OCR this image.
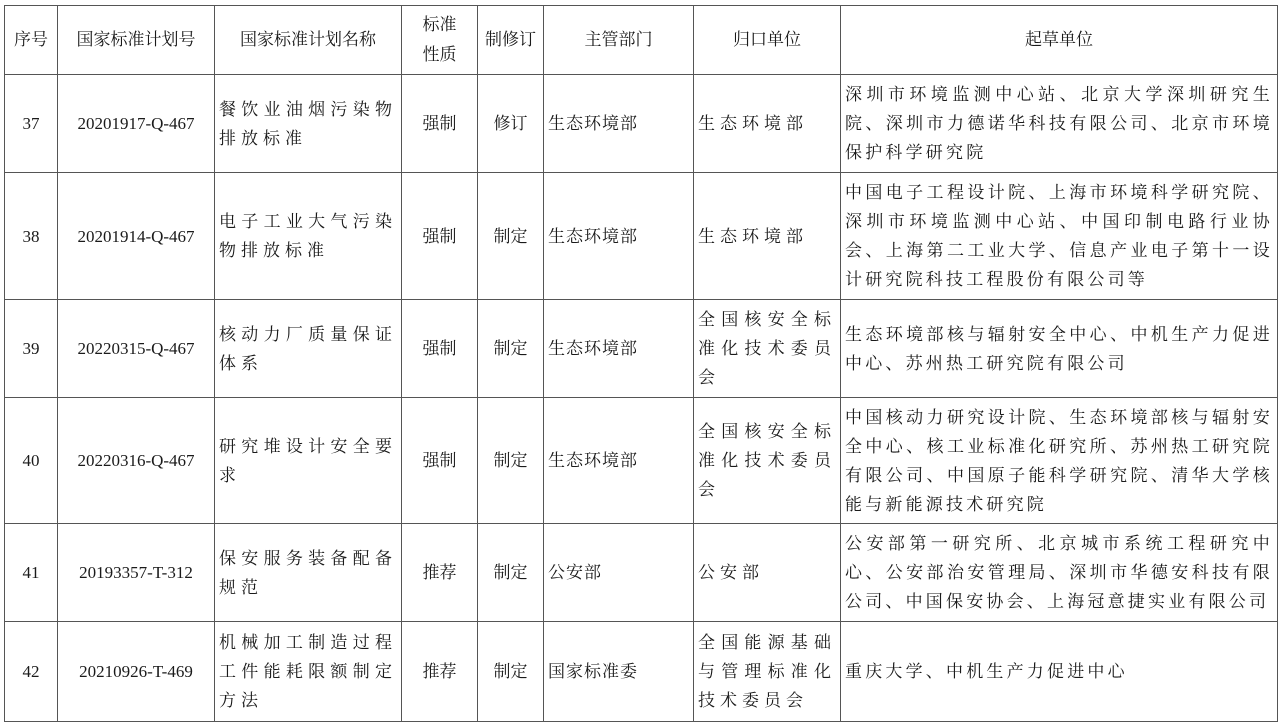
序号	国家标准计划号	国家标准计划名称	标准性质	制修订	主管部门	归口单位	起草单位
37	20201917-Q-467	餐饮业油烟污染物排放标准	强制	修订	生态环境部	生态环境部	深圳市环境监测中心站、北京大学深圳研究生院、深圳市力德诺华科技有限公司、北京市环境保护科学研究院
38	20201914-Q-467	电子工业大气污染物排放标准	强制	制定	生态环境部	生态环境部	中国电子工程设计院、上海市环境科学研究院、深圳市环境监测中心站、中国印制电路行业协会、上海第二工业大学、信息产业电子第十一设计研究院科技工程股份有限公司等
39	20220315-Q-467	核动力厂质量保证体系	强制	制定	生态环境部	全国核安全标准化技术委员会	生态环境部核与辐射安全中心、中机生产力促进中心、苏州热工研究院有限公司
40	20220316-Q-467	研究堆设计安全要求	强制	制定	生态环境部	全国核安全标准化技术委员会	中国核动力研究设计院、生态环境部核与辐射安全中心、核工业标准化研究所、苏州热工研究院有限公司、中国原子能科学研究院、清华大学核能与新能源技术研究院
41	20193357-T-312	保安服务装备配备规范	推荐	制定	公安部	公安部	公安部第一研究所、北京城市系统工程研究中心、公安部治安管理局、深圳市华德安科技有限公司、中国保安协会、上海冠意捷实业有限公司
42	20210926-T-469	机械加工制造过程工件能耗限额制定方法	推荐	制定	国家标准委	全国能源基础与管理标准化技术委员会	重庆大学、中机生产力促进中心
